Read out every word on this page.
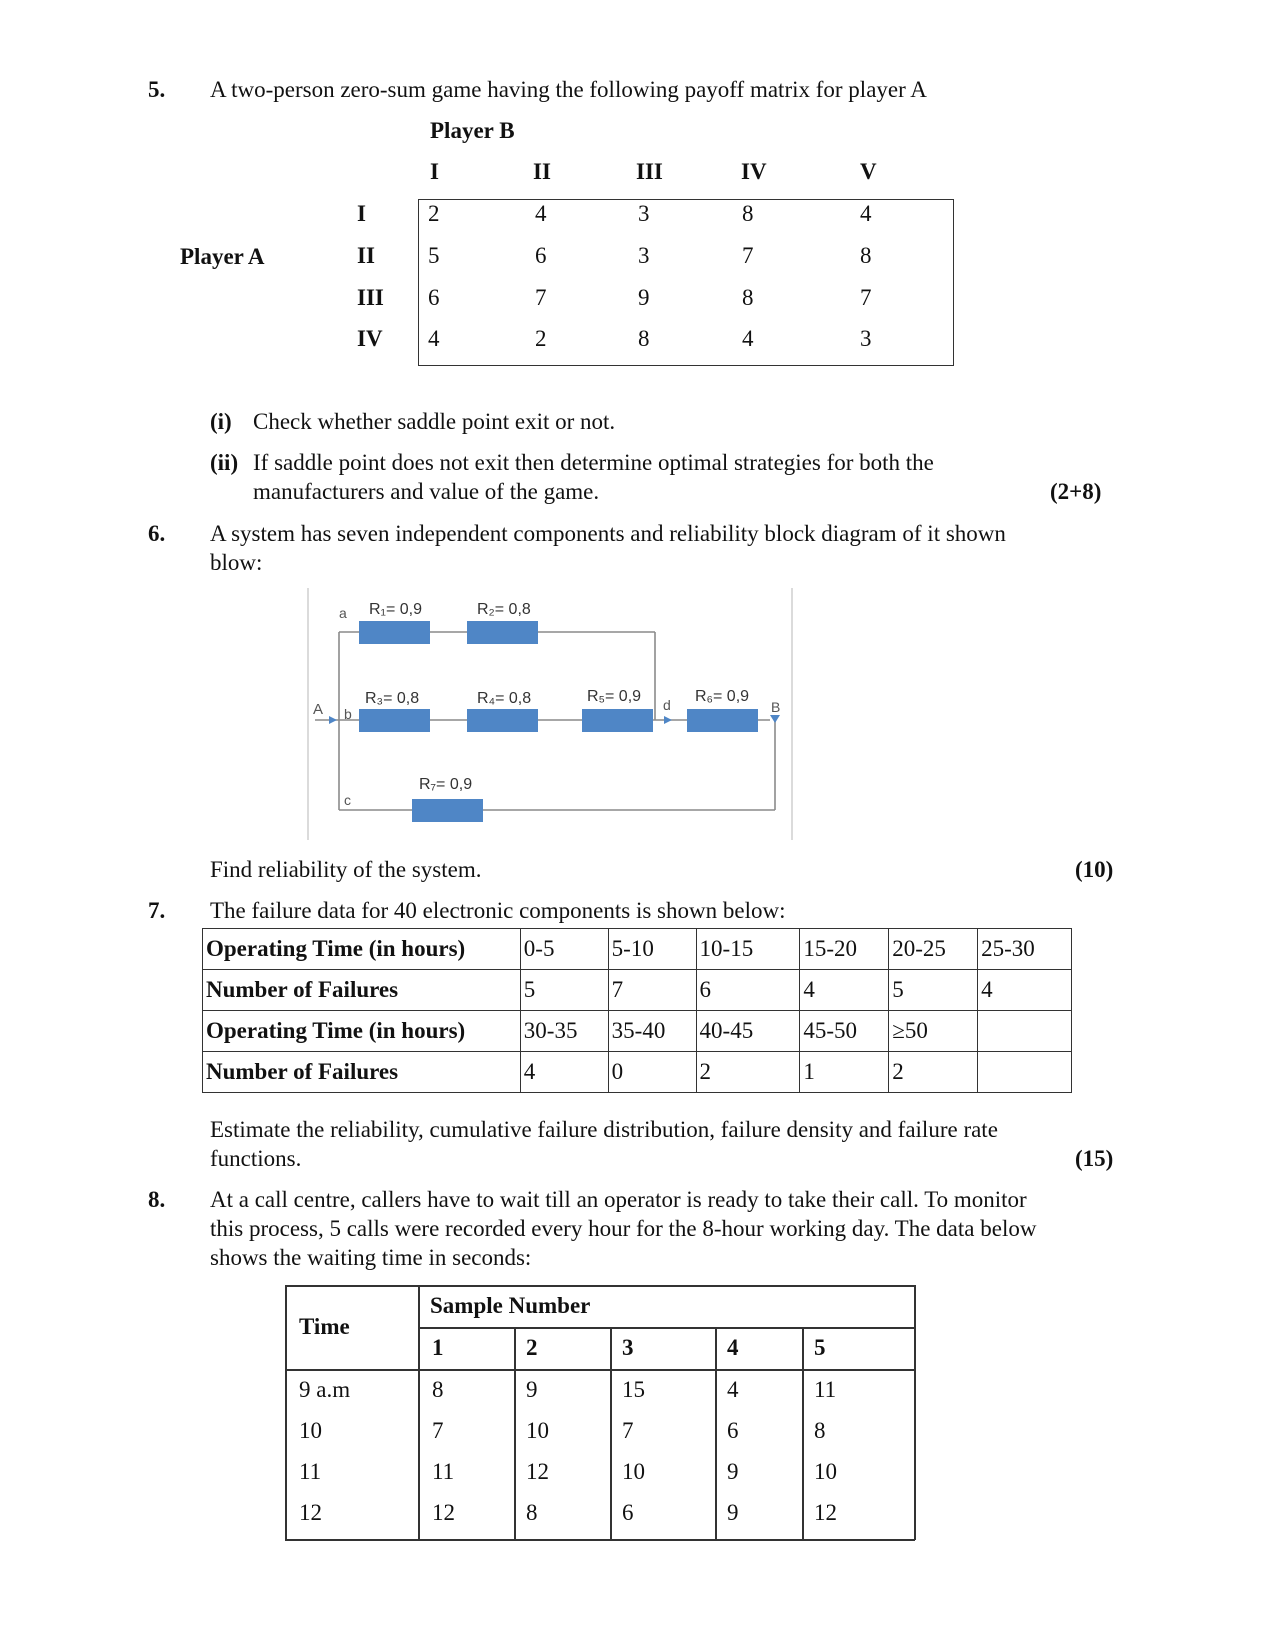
5. A two-person zero-sum game having the following payoff matrix for player A
Player B
Player A
I	II	III	IV	V
I	2	4	3	8	4
II 5	6	3	7	8
III 6	7	9	8	7
IV 4	2	8	4	3
(i) Check whether saddle point exit or not.
(ii) If saddle point does not exit then determine optimal strategies for both the
manufacturers and value of the game.	(2+8)
6. A system has seven independent components and reliability block diagram of it shown
blow:
R₁= 0,9	R₂= 0,8
R₃= 0,8	R₄= 0,8	R₅= 0,9	R₆= 0,9
R₇= 0,9
a
b
c
d
A	B
Find reliability of the system.	(10)
7. The failure data for 40 electronic components is shown below:
Operating Time (in hours)	0-5	5-10	10-15	15-20	20-25	25-30
Number of Failures	5	7	6	4	5	4
Operating Time (in hours)	30-35	35-40	40-45	45-50	≥50	
Number of Failures	4	0	2	1	2	
Estimate the reliability, cumulative failure distribution, failure density and failure rate
functions.	(15)
8. At a call centre, callers have to wait till an operator is ready to take their call. To monitor
this process, 5 calls were recorded every hour for the 8-hour working day. The data below
shows the waiting time in seconds:
Time
Sample Number
1	2	3	4	5
9 a.m	8	9	15	4	11
10	7	10	7	6	8
11	11	12	10	9	10
12	12	8	6	9	12
